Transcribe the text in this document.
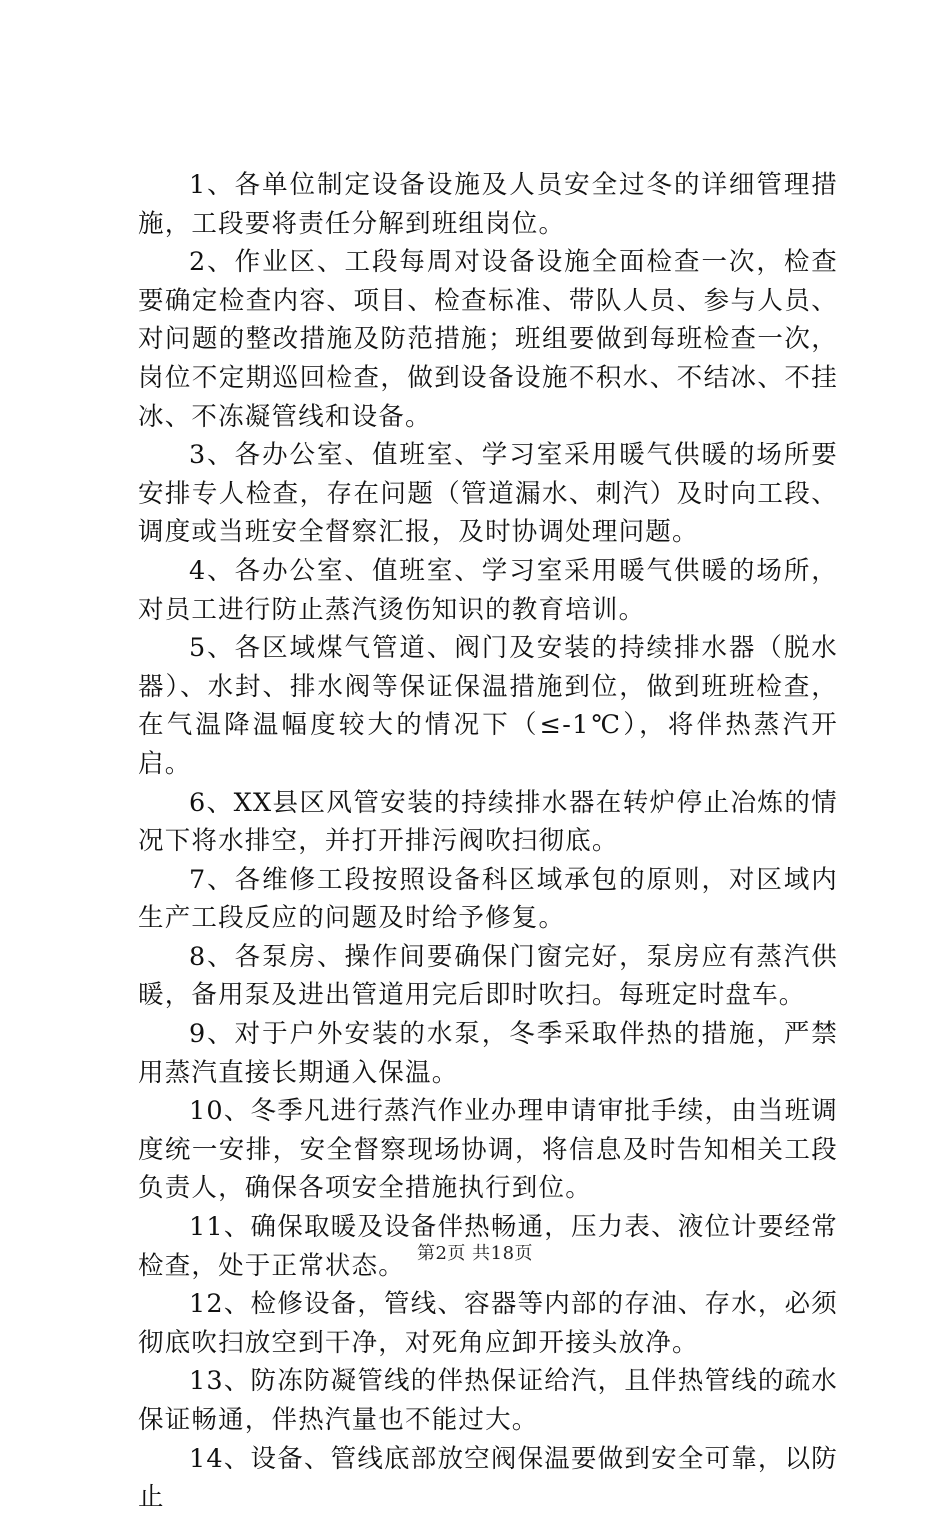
1、各单位制定设备设施及人员安全过冬的详细管理措施，工段要将责任分解到班组岗位。

2、作业区、工段每周对设备设施全面检查一次，检查要确定检查内容、项目、检查标准、带队人员、参与人员、对问题的整改措施及防范措施；班组要做到每班检查一次，岗位不定期巡回检查，做到设备设施不积水、不结冰、不挂冰、不冻凝管线和设备。

3、各办公室、值班室、学习室采用暖气供暖的场所要安排专人检查，存在问题（管道漏水、刺汽）及时向工段、调度或当班安全督察汇报，及时协调处理问题。

4、各办公室、值班室、学习室采用暖气供暖的场所，对员工进行防止蒸汽烫伤知识的教育培训。

5、各区域煤气管道、阀门及安装的持续排水器（脱水器）、水封、排水阀等保证保温措施到位，做到班班检查，在气温降温幅度较大的情况下（≤-1℃），将伴热蒸汽开启。

6、XX县区风管安装的持续排水器在转炉停止冶炼的情况下将水排空，并打开排污阀吹扫彻底。

7、各维修工段按照设备科区域承包的原则，对区域内生产工段反应的问题及时给予修复。

8、各泵房、操作间要确保门窗完好，泵房应有蒸汽供暖，备用泵及进出管道用完后即时吹扫。每班定时盘车。

9、对于户外安装的水泵，冬季采取伴热的措施，严禁用蒸汽直接长期通入保温。

10、冬季凡进行蒸汽作业办理申请审批手续，由当班调度统一安排，安全督察现场协调，将信息及时告知相关工段负责人，确保各项安全措施执行到位。

11、确保取暖及设备伴热畅通，压力表、液位计要经常检查，处于正常状态。

12、检修设备，管线、容器等内部的存油、存水，必须彻底吹扫放空到干净，对死角应卸开接头放净。

13、防冻防凝管线的伴热保证给汽，且伴热管线的疏水保证畅通，伴热汽量也不能过大。

14、设备、管线底部放空阀保温要做到安全可靠，以防止

第2页 共18页
